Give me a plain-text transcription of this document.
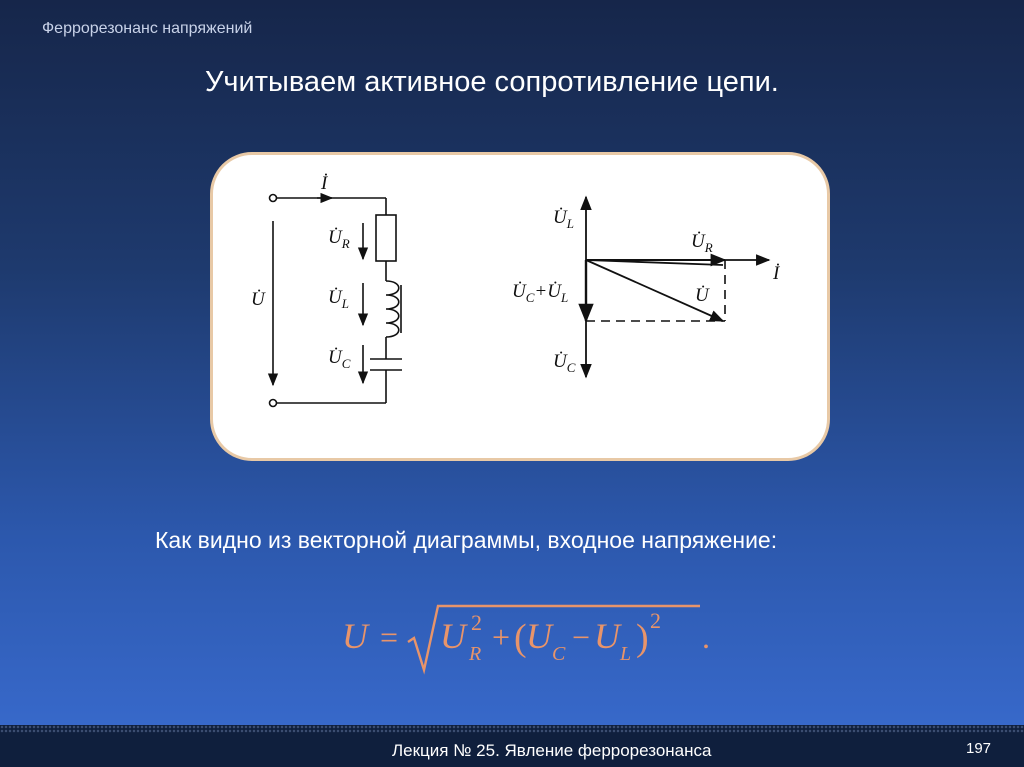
Феррорезонанс напряжений
Учитываем активное сопротивление цепи.
İ
U̇
$U̇_R$
$U̇_L$
$U̇_C$
$U̇_L$
$U̇_R$
İ
$U̇_C+U̇_L$	U̇
$U̇_C$
Как видно из векторной диаграммы, входное напряжение:
U = U 2
R + ( U C − U L ) 2 .
Лекция № 25. Явление феррорезонанса	197
